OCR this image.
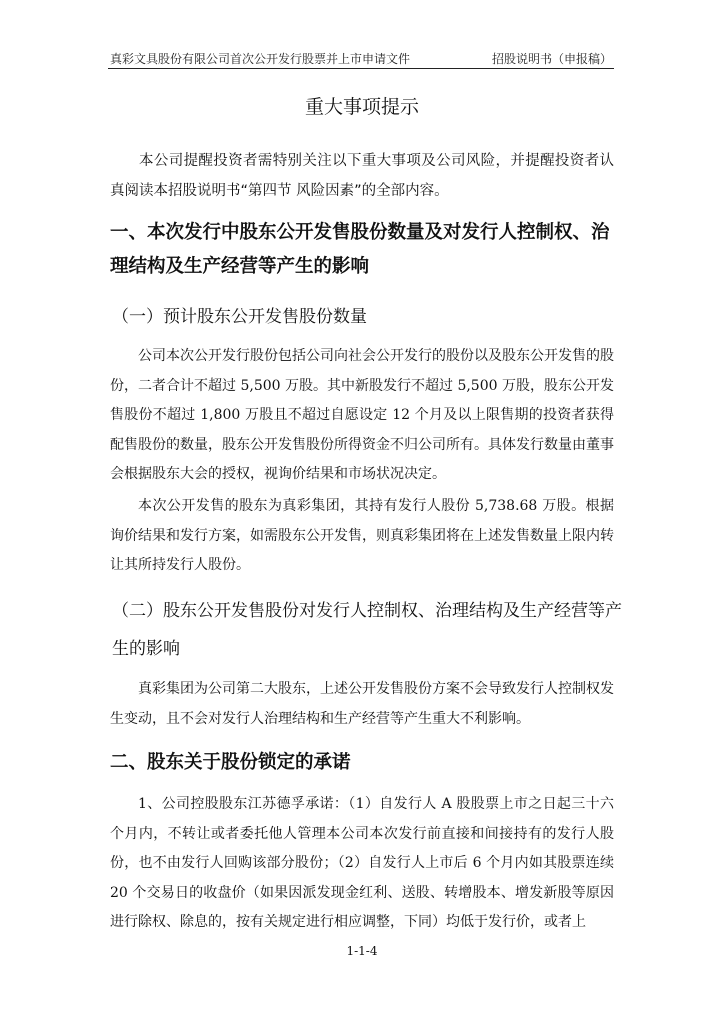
真彩文具股份有限公司首次公开发行股票并上市申请文件	招股说明书（申报稿）
重大事项提示
本公司提醒投资者需特别关注以下重大事项及公司风险，并提醒投资者认真阅读本招股说明书“第四节 风险因素”的全部内容。
一、本次发行中股东公开发售股份数量及对发行人控制权、治理结构及生产经营等产生的影响
（一）预计股东公开发售股份数量
公司本次公开发行股份包括公司向社会公开发行的股份以及股东公开发售的股份，二者合计不超过 5,500 万股。其中新股发行不超过 5,500 万股，股东公开发售股份不超过 1,800 万股且不超过自愿设定 12 个月及以上限售期的投资者获得配售股份的数量，股东公开发售股份所得资金不归公司所有。具体发行数量由董事会根据股东大会的授权，视询价结果和市场状况决定。
本次公开发售的股东为真彩集团，其持有发行人股份 5,738.68 万股。根据询价结果和发行方案，如需股东公开发售，则真彩集团将在上述发售数量上限内转让其所持发行人股份。
（二）股东公开发售股份对发行人控制权、治理结构及生产经营等产生的影响
真彩集团为公司第二大股东，上述公开发售股份方案不会导致发行人控制权发生变动，且不会对发行人治理结构和生产经营等产生重大不利影响。
二、股东关于股份锁定的承诺
1、公司控股股东江苏德孚承诺：（1）自发行人 A 股股票上市之日起三十六个月内，不转让或者委托他人管理本公司本次发行前直接和间接持有的发行人股份，也不由发行人回购该部分股份；（2）自发行人上市后 6 个月内如其股票连续 20 个交易日的收盘价（如果因派发现金红利、送股、转增股本、增发新股等原因进行除权、除息的，按有关规定进行相应调整，下同）均低于发行价，或者上
1-1-4
